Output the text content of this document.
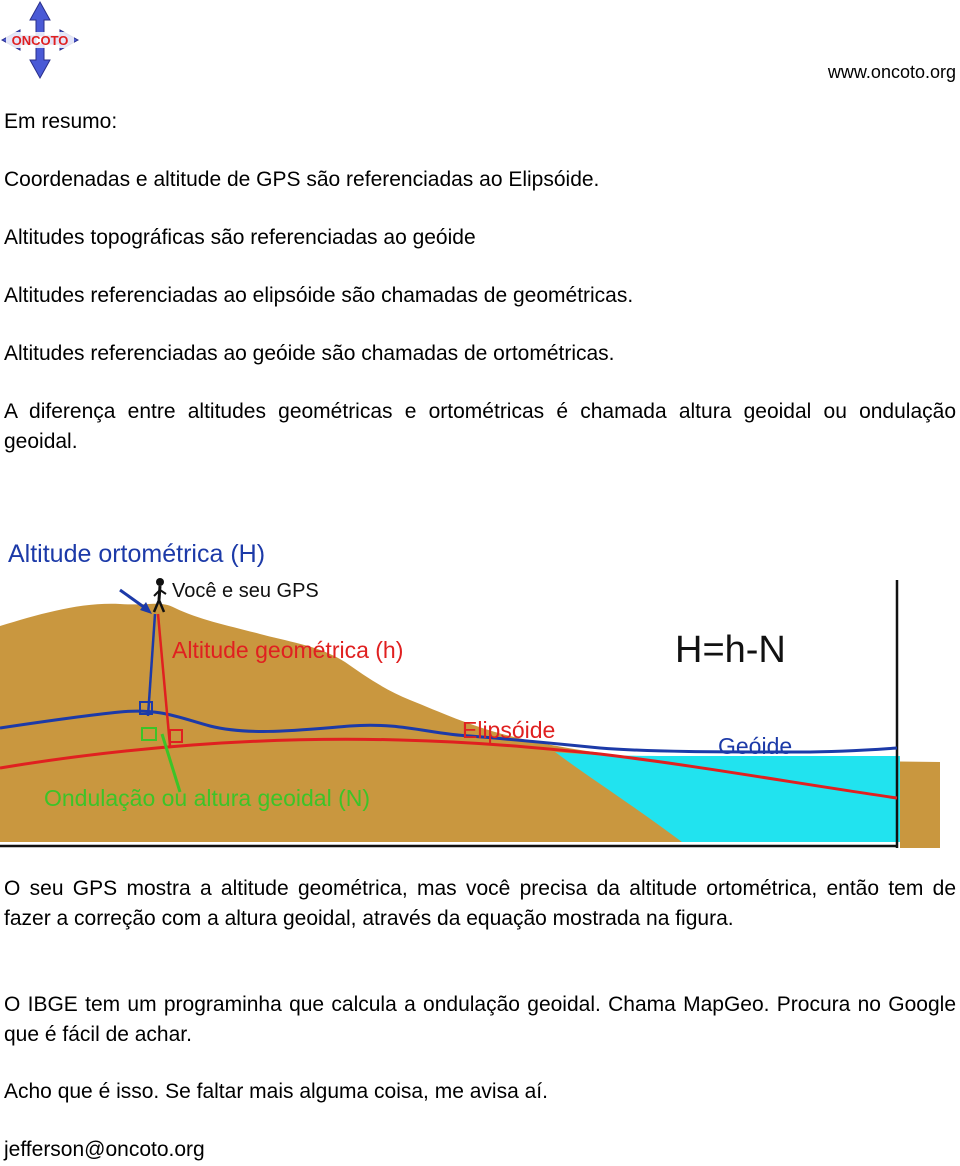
ONCOTO
www.oncoto.org

Em resumo:

Coordenadas e altitude de GPS são referenciadas ao Elipsóide.

Altitudes topográficas são referenciadas ao geóide

Altitudes referenciadas ao elipsóide são chamadas de geométricas.

Altitudes referenciadas ao geóide são chamadas de ortométricas.

A diferença entre altitudes geométricas e ortométricas é chamada altura geoidal ou ondulação geoidal.

Altitude ortométrica (H)
Você e seu GPS
Altitude geométrica (h)	H=h-N
Elipsóide
Geóide
Ondulação ou altura geoidal (N)

O seu GPS mostra a altitude geométrica, mas você precisa da altitude ortométrica, então tem de fazer a correção com a altura geoidal, através da equação mostrada na figura.

O IBGE tem um programinha que calcula a ondulação geoidal. Chama MapGeo. Procura no Google que é fácil de achar.

Acho que é isso. Se faltar mais alguma coisa, me avisa aí.

jefferson@oncoto.org
